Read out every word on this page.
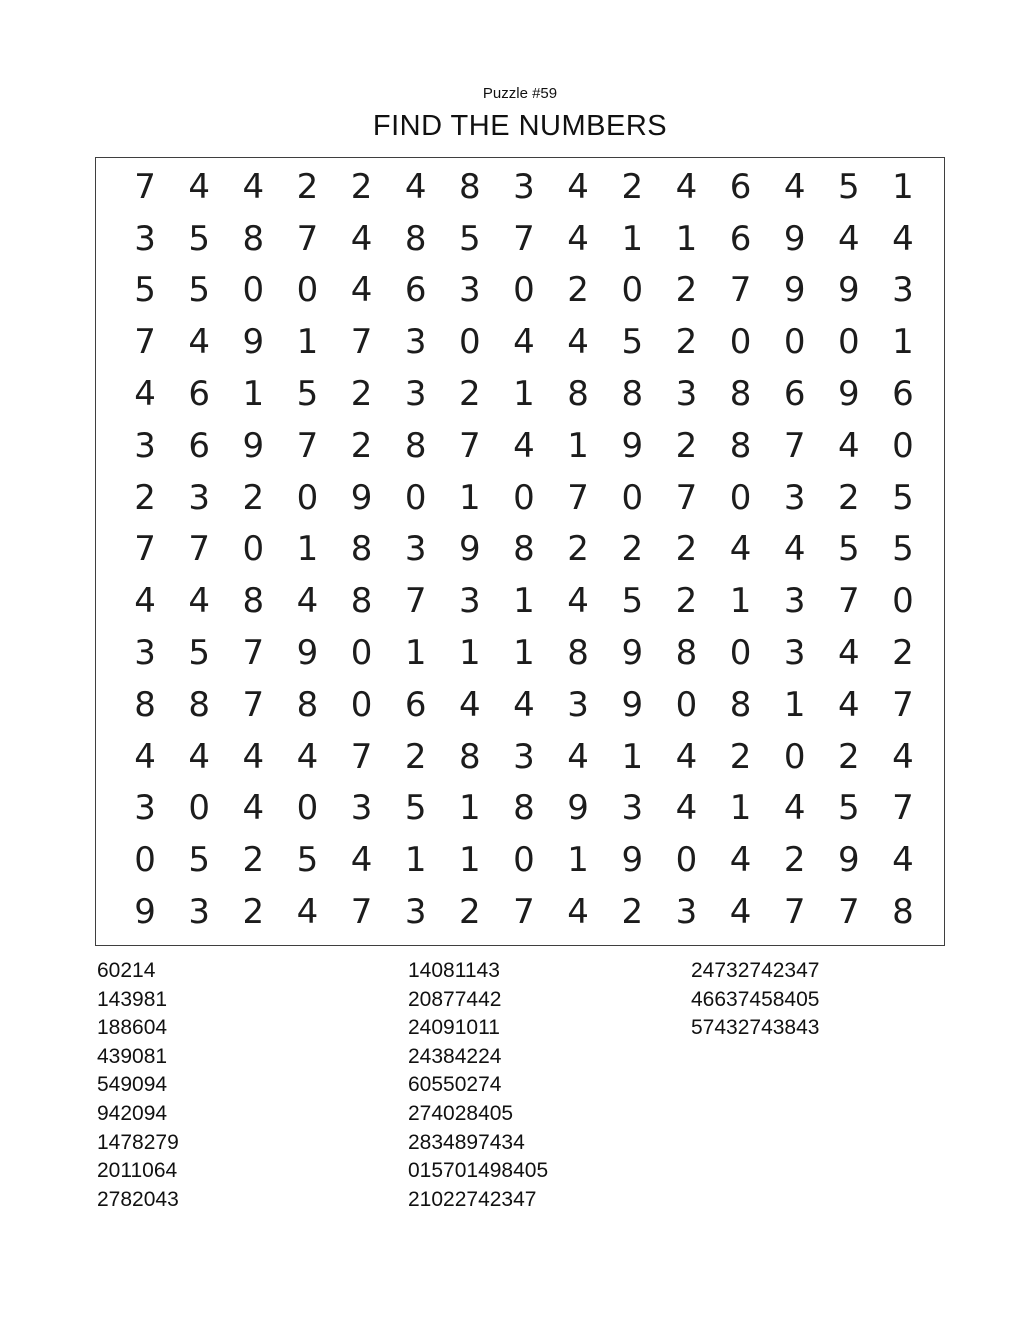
Puzzle #59
FIND THE NUMBERS
7 4 4 2 2 4 8 3 4 2 4 6 4 5 1
3 5 8 7 4 8 5 7 4 1 1 6 9 4 4
5 5 0 0 4 6 3 0 2 0 2 7 9 9 3
7 4 9 1 7 3 0 4 4 5 2 0 0 0 1
4 6 1 5 2 3 2 1 8 8 3 8 6 9 6
3 6 9 7 2 8 7 4 1 9 2 8 7 4 0
2 3 2 0 9 0 1 0 7 0 7 0 3 2 5
7 7 0 1 8 3 9 8 2 2 2 4 4 5 5
4 4 8 4 8 7 3 1 4 5 2 1 3 7 0
3 5 7 9 0 1 1 1 8 9 8 0 3 4 2
8 8 7 8 0 6 4 4 3 9 0 8 1 4 7
4 4 4 4 7 2 8 3 4 1 4 2 0 2 4
3 0 4 0 3 5 1 8 9 3 4 1 4 5 7
0 5 2 5 4 1 1 0 1 9 0 4 2 9 4
9 3 2 4 7 3 2 7 4 2 3 4 7 7 8
60214
143981
188604
439081
549094
942094
1478279
2011064
2782043
14081143
20877442
24091011
24384224
60550274
274028405
2834897434
015701498405
21022742347
24732742347
46637458405
57432743843
